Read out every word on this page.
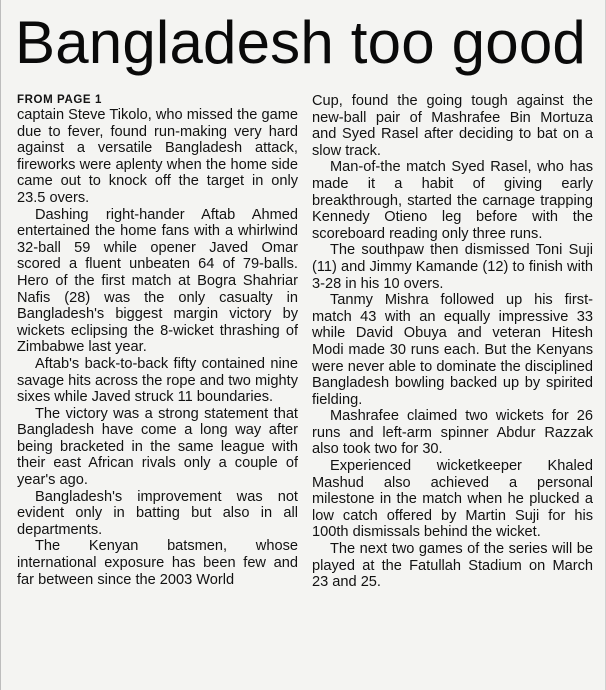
Bangladesh too good
FROM PAGE 1

captain Steve Tikolo, who missed the game due to fever, found run-making very hard against a versatile Bangladesh attack, fireworks were aplenty when the home side came out to knock off the target in only 23.5 overs.

Dashing right-hander Aftab Ahmed entertained the home fans with a whirlwind 32-ball 59 while opener Javed Omar scored a fluent unbeaten 64 of 79-balls. Hero of the first match at Bogra Shahriar Nafis (28) was the only casualty in Bangladesh's biggest margin victory by wickets eclipsing the 8-wicket thrashing of Zimbabwe last year.

Aftab's back-to-back fifty contained nine savage hits across the rope and two mighty sixes while Javed struck 11 boundaries.

The victory was a strong statement that Bangladesh have come a long way after being bracketed in the same league with their east African rivals only a couple of year's ago.

Bangladesh's improvement was not evident only in batting but also in all departments.

The Kenyan batsmen, whose international exposure has been few and far between since the 2003 World

Cup, found the going tough against the new-ball pair of Mashrafee Bin Mortuza and Syed Rasel after deciding to bat on a slow track.

Man-of-the match Syed Rasel, who has made it a habit of giving early breakthrough, started the carnage trapping Kennedy Otieno leg before with the scoreboard reading only three runs.

The southpaw then dismissed Toni Suji (11) and Jimmy Kamande (12) to finish with 3-28 in his 10 overs.

Tanmy Mishra followed up his first-match 43 with an equally impressive 33 while David Obuya and veteran Hitesh Modi made 30 runs each. But the Kenyans were never able to dominate the disciplined Bangladesh bowling backed up by spirited fielding.

Mashrafee claimed two wickets for 26 runs and left-arm spinner Abdur Razzak also took two for 30.

Experienced wicketkeeper Khaled Mashud also achieved a personal milestone in the match when he plucked a low catch offered by Martin Suji for his 100th dismissals behind the wicket.

The next two games of the series will be played at the Fatullah Stadium on March 23 and 25.
